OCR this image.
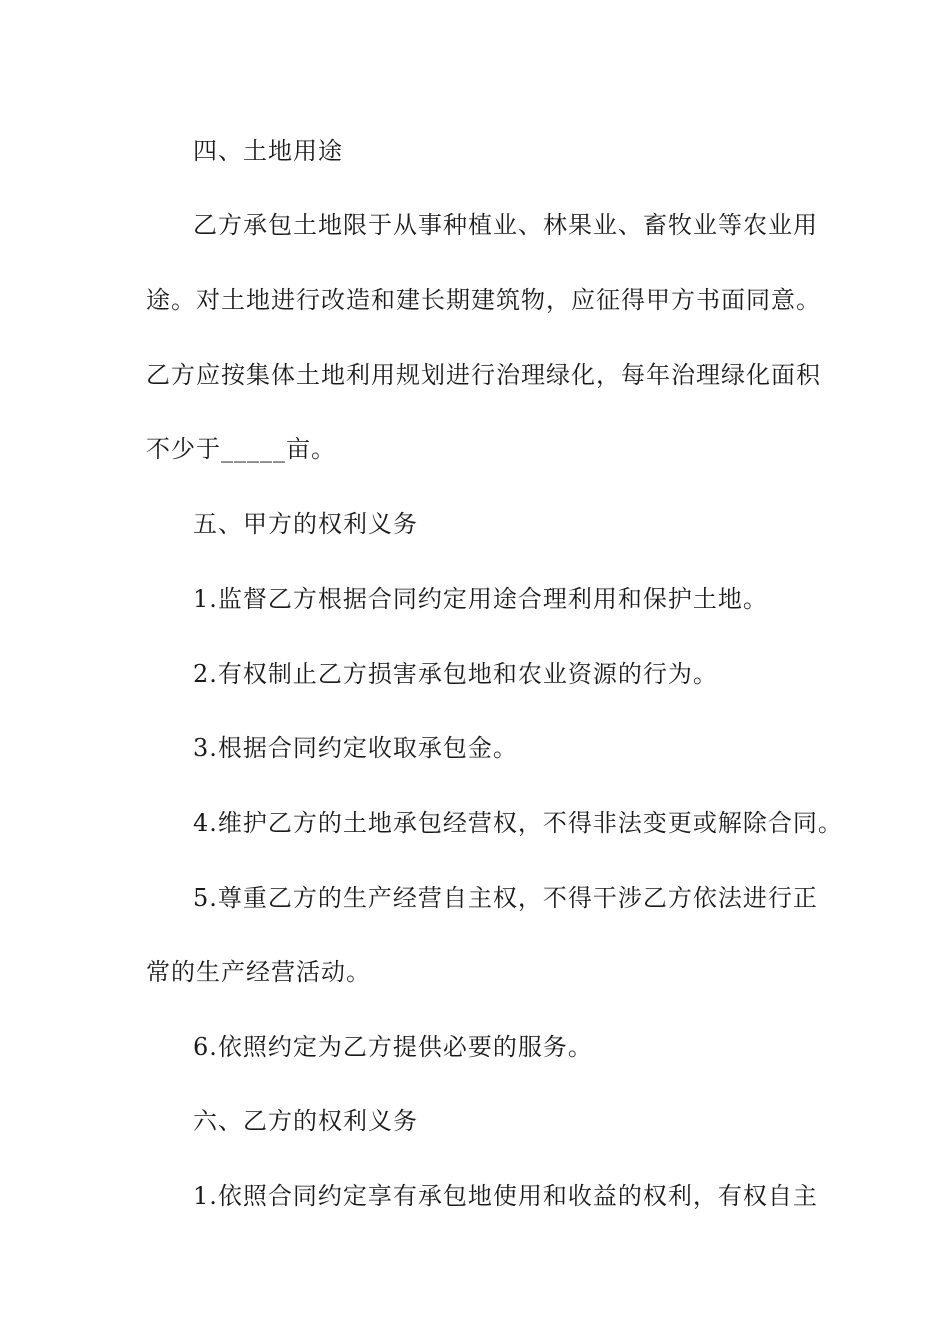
四、土地用途
乙方承包土地限于从事种植业、林果业、畜牧业等农业用
途。对土地进行改造和建长期建筑物，应征得甲方书面同意。
乙方应按集体土地利用规划进行治理绿化，每年治理绿化面积
不少于_____亩。
五、甲方的权利义务
1.监督乙方根据合同约定用途合理利用和保护土地。
2.有权制止乙方损害承包地和农业资源的行为。
3.根据合同约定收取承包金。
4.维护乙方的土地承包经营权，不得非法变更或解除合同。
5.尊重乙方的生产经营自主权，不得干涉乙方依法进行正
常的生产经营活动。
6.依照约定为乙方提供必要的服务。
六、乙方的权利义务
1.依照合同约定享有承包地使用和收益的权利，有权自主
